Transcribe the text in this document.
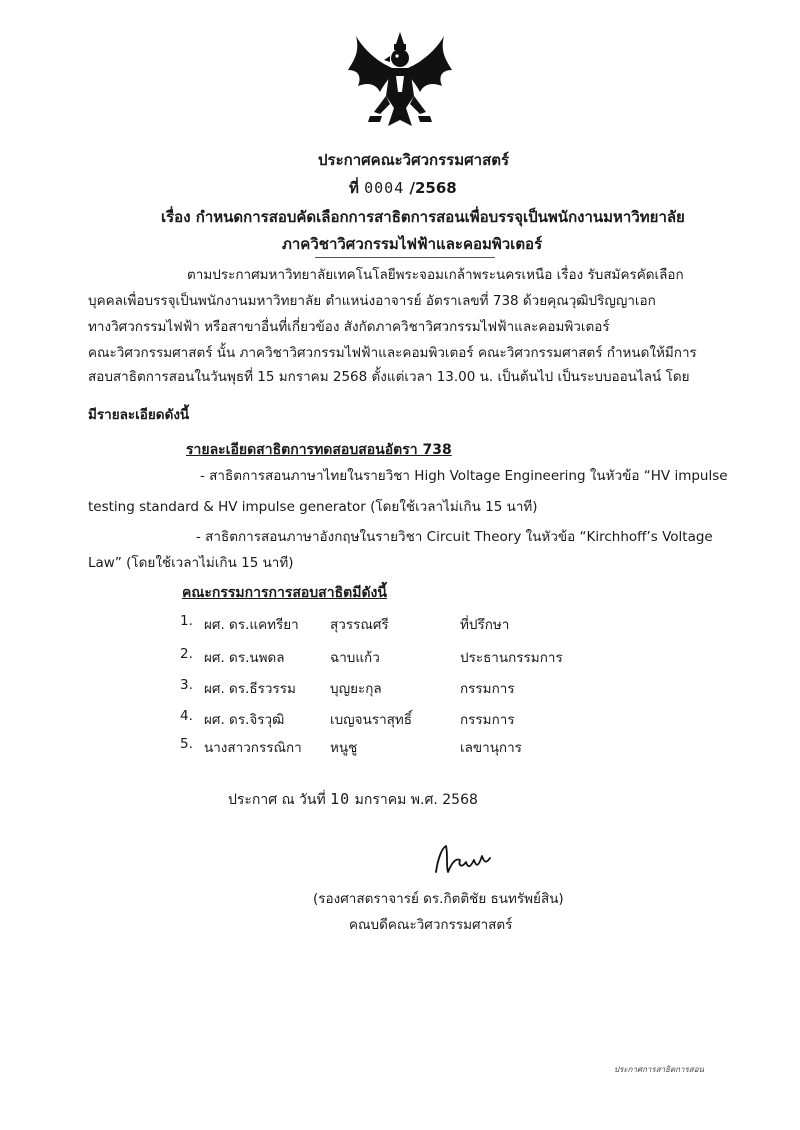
ประกาศคณะวิศวกรรมศาสตร์
ที่ 0004 /2568
เรื่อง กำหนดการสอบคัดเลือกการสาธิตการสอนเพื่อบรรจุเป็นพนักงานมหาวิทยาลัย
ภาควิชาวิศวกรรมไฟฟ้าและคอมพิวเตอร์
ตามประกาศมหาวิทยาลัยเทคโนโลยีพระจอมเกล้าพระนครเหนือ เรื่อง รับสมัครคัดเลือก
บุคคลเพื่อบรรจุเป็นพนักงานมหาวิทยาลัย ตำแหน่งอาจารย์ อัตราเลขที่ 738 ด้วยคุณวุฒิปริญญาเอก
ทางวิศวกรรมไฟฟ้า หรือสาขาอื่นที่เกี่ยวข้อง สังกัดภาควิชาวิศวกรรมไฟฟ้าและคอมพิวเตอร์
คณะวิศวกรรมศาสตร์ นั้น ภาควิชาวิศวกรรมไฟฟ้าและคอมพิวเตอร์ คณะวิศวกรรมศาสตร์ กำหนดให้มีการ
สอบสาธิตการสอนในวันพุธที่ 15 มกราคม 2568 ตั้งแต่เวลา 13.00 น. เป็นต้นไป เป็นระบบออนไลน์ โดย
มีรายละเอียดดังนี้
รายละเอียดสาธิตการทดสอบสอนอัตรา 738
- สาธิตการสอนภาษาไทยในรายวิชา High Voltage Engineering ในหัวข้อ “HV impulse
testing standard & HV impulse generator (โดยใช้เวลาไม่เกิน 15 นาที)
- สาธิตการสอนภาษาอังกฤษในรายวิชา Circuit Theory ในหัวข้อ “Kirchhoff’s Voltage
Law” (โดยใช้เวลาไม่เกิน 15 นาที)
คณะกรรมการการสอบสาธิตมีดังนี้
1. ผศ. ดร.แคทรียา สุวรรณศรี	ที่ปรึกษา
2. ผศ. ดร.นพดล	ฉาบแก้ว	ประธานกรรมการ
3. ผศ. ดร.ธีรวรรม	บุญยะกุล	กรรมการ
4. ผศ. ดร.จิรวุฒิ	เบญจนราสุทธิ์	กรรมการ
5. นางสาวกรรณิกา หนูชู	เลขานุการ
ประกาศ ณ วันที่ 10 มกราคม พ.ศ. 2568
(รองศาสตราจารย์ ดร.กิตติชัย ธนทรัพย์สิน)
คณบดีคณะวิศวกรรมศาสตร์
ประกาศการสาธิตการสอน
